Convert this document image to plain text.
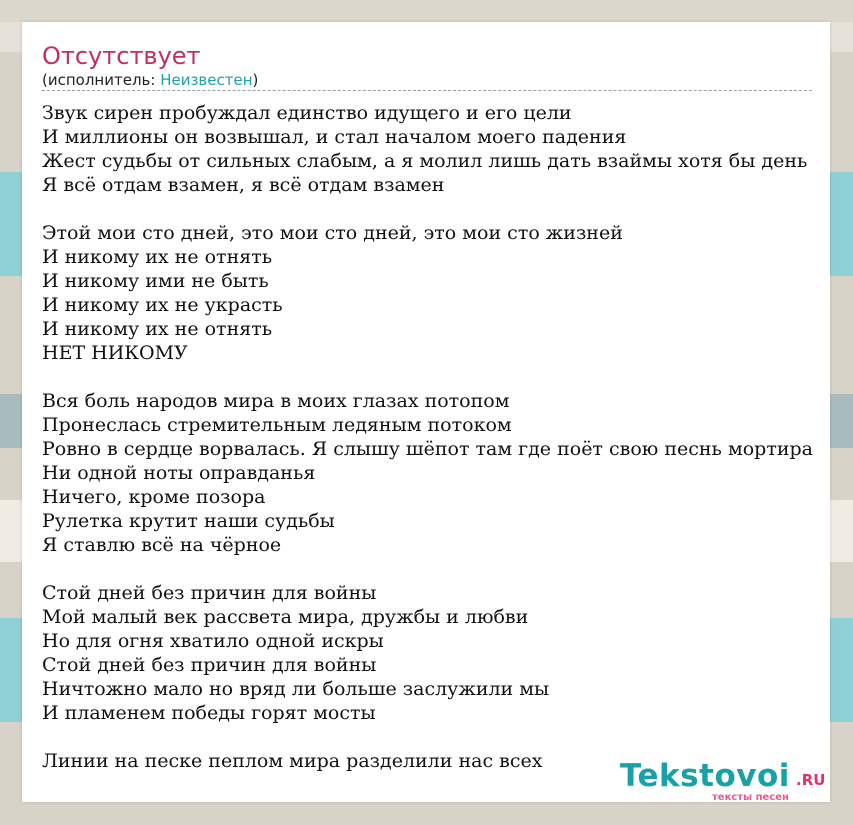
Отсутствует
(исполнитель: Неизвестен)
Звук сирен пробуждал единство идущего и его цели
И миллионы он возвышал, и стал началом моего падения
Жест судьбы от сильных слабым, а я молил лишь дать взаймы хотя бы день
Я всё отдам взамен, я всё отдам взамен
Этой мои сто дней, это мои сто дней, это мои сто жизней
И никому их не отнять
И никому ими не быть
И никому их не украсть
И никому их не отнять
НЕТ НИКОМУ
Вся боль народов мира в моих глазах потопом
Пронеслась стремительным ледяным потоком
Ровно в сердце ворвалась. Я слышу шёпот там где поёт свою песнь мортира
Ни одной ноты оправданья
Ничего, кроме позора
Рулетка крутит наши судьбы
Я ставлю всё на чёрное
Стой дней без причин для войны
Мой малый век рассвета мира, дружбы и любви
Но для огня хватило одной искры
Стой дней без причин для войны
Ничтожно мало но вряд ли больше заслужили мы
И пламенем победы горят мосты
Линии на песке пеплом мира разделили нас всех	Tekstovoi .RU
тексты песен
